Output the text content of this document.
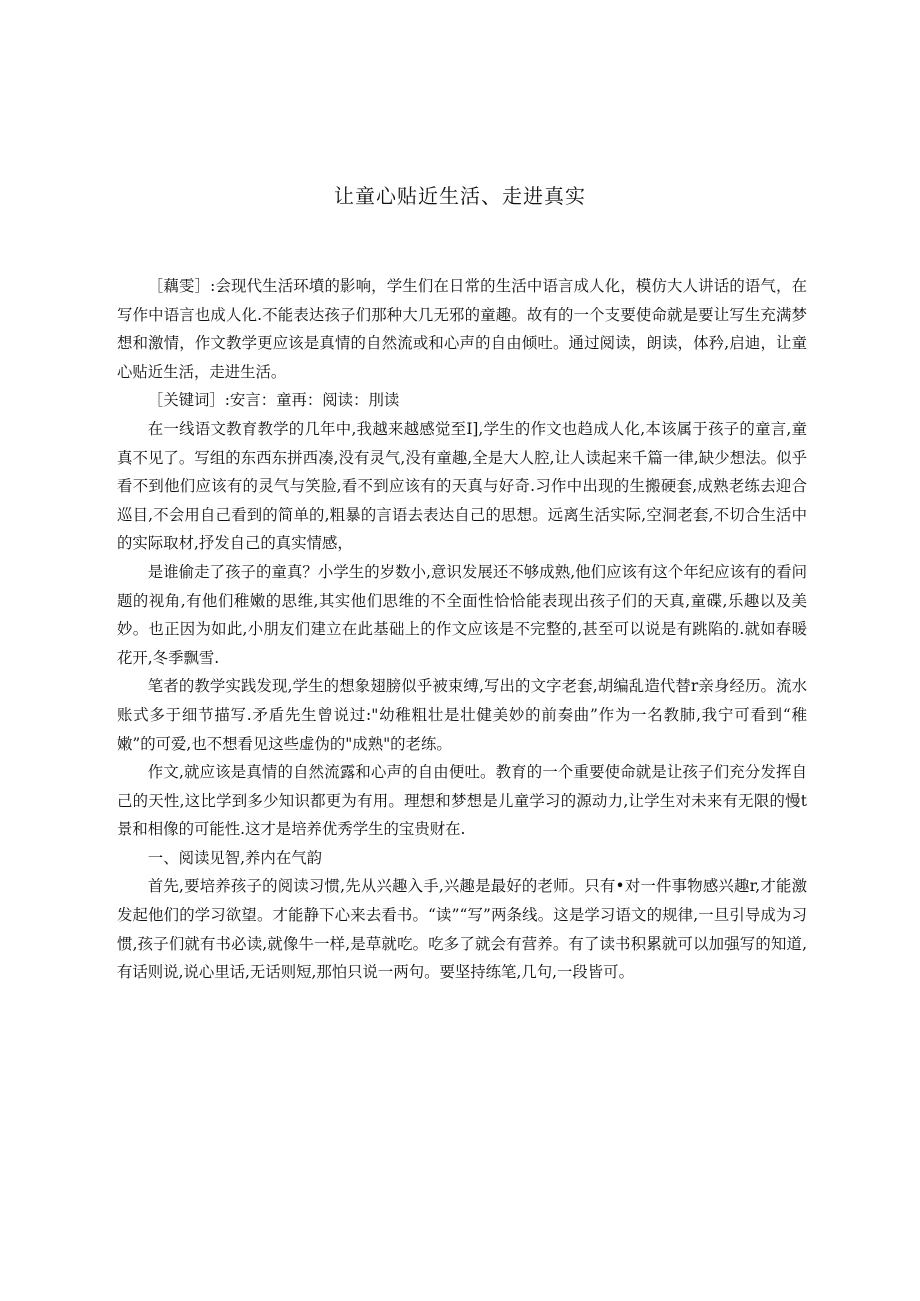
让童心贴近生活、走进真实

［藕雯］:会现代生活环墳的影响，学生们在日常的生活中语言成人化，模仿大人讲话的语气，在写作中语言也成人化.不能表达孩子们那种大几无邪的童趣。故有的一个支要使命就是要让写生充满梦想和激情，作文教学更应该是真情的自然流或和心声的自由倾吐。通过阅读，朗读，体矜,启迪，让童心贴近生活，走进生活。

［关键词］:安言：童再：阅读：刖读

在一线语文教育教学的几年中,我越来越感觉至I],学生的作文也趋成人化,本该属于孩子的童言,童真不见了。写组的东西东拼西凑,没有灵气,没有童趣,全是大人腔,让人读起来千篇一律,缺少想法。似乎看不到他们应该有的灵气与笑脸,看不到应该有的天真与好奇.习作中出现的生搬硬套,成熟老练去迎合巡目,不会用自己看到的简单的,粗暴的言语去表达自己的思想。远离生活实际,空洞老套,不切合生活中的实际取材,抒发自己的真实情感，

是谁偷走了孩子的童真？小学生的岁数小,意识发展还不够成熟,他们应该有这个年纪应该有的看问题的视角,有他们稚嫩的思维,其实他们思维的不全面性恰恰能表现出孩子们的天真,童碟,乐趣以及美妙。也正因为如此,小朋友们建立在此基础上的作文应该是不完整的,甚至可以说是有跳陷的.就如春暖花开,冬季飘雪.

笔者的教学实践发现,学生的想象翅膀似乎被束缚,写出的文字老套,胡编乱造代替r亲身经历。流水账式多于细节描写.矛盾先生曾说过:"幼稚粗壮是壮健美妙的前奏曲”作为一名教肺,我宁可看到“稚嫩”的可爱,也不想看见这些虚伪的"成熟"的老练。

作文,就应该是真情的自然流露和心声的自由便吐。教育的一个重要使命就是让孩子们充分发挥自己的天性,这比学到多少知识都更为有用。理想和梦想是儿童学习的源动力,让学生对未来有无限的慢t景和相像的可能性.这才是培养优秀学生的宝贵财在.

一、阅读见智,养内在气韵

首先,要培养孩子的阅读习惯,先从兴趣入手,兴趣是最好的老师。只有•对一件事物感兴趣r,才能激发起他们的学习欲望。才能静下心来去看书。“读”“写”两条线。这是学习语文的规律,一旦引导成为习惯,孩子们就有书必读,就像牛一样,是草就吃。吃多了就会有营养。有了读书积累就可以加强写的知道,有话则说,说心里话,无话则短,那怕只说一两句。要坚持练笔,几句,一段皆可。
